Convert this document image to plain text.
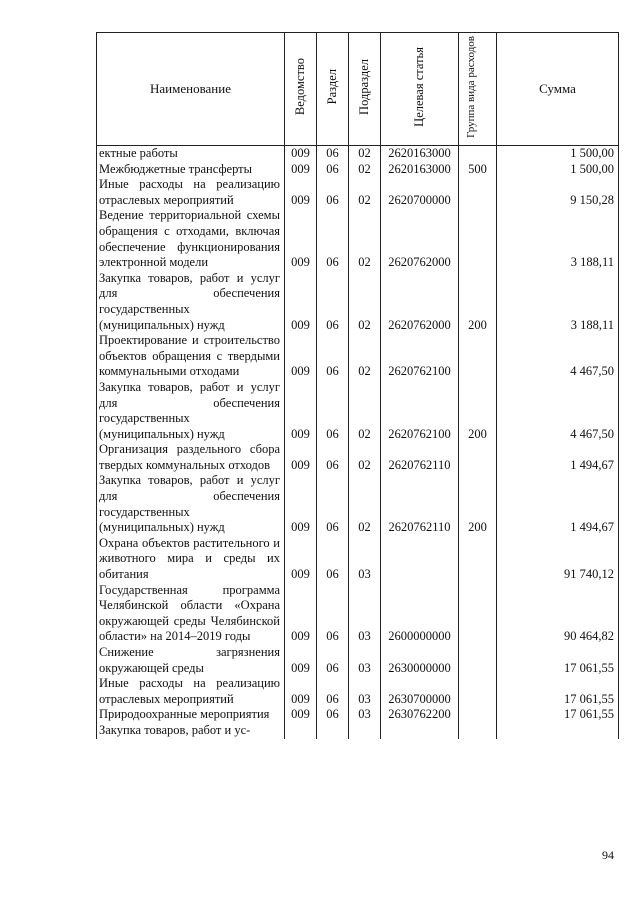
Наименование	Ведомство	Раздел	Подраздел	Целевая статья	Группа вида расходов	Сумма
ектные работы	009	06	02	2620163000		1 500,00
Межбюджетные трансферты	009	06	02	2620163000	500	1 500,00
Иные расходы на реализацию отраслевых мероприятий	009	06	02	2620700000		9 150,28
Ведение территориальной схемы обращения с отходами, включая обеспечение функционирования электронной модели	009	06	02	2620762000		3 188,11
Закупка товаров, работ и услуг для обеспечения государственных (муниципальных) нужд	009	06	02	2620762000	200	3 188,11
Проектирование и строительство объектов обращения с твердыми коммунальными отходами	009	06	02	2620762100		4 467,50
Закупка товаров, работ и услуг для обеспечения государственных (муниципальных) нужд	009	06	02	2620762100	200	4 467,50
Организация раздельного сбора твердых коммунальных отходов	009	06	02	2620762110		1 494,67
Закупка товаров, работ и услуг для обеспечения государственных (муниципальных) нужд	009	06	02	2620762110	200	1 494,67
Охрана объектов растительного и животного мира и среды их обитания	009	06	03			91 740,12
Государственная программа Челябинской области «Охрана окружающей среды Челябинской области» на 2014–2019 годы	009	06	03	2600000000		90 464,82
Снижение загрязнения окружающей среды	009	06	03	2630000000		17 061,55
Иные расходы на реализацию отраслевых мероприятий	009	06	03	2630700000		17 061,55
Природоохранные мероприятия	009	06	03	2630762200		17 061,55
Закупка товаров, работ и ус-						
94
